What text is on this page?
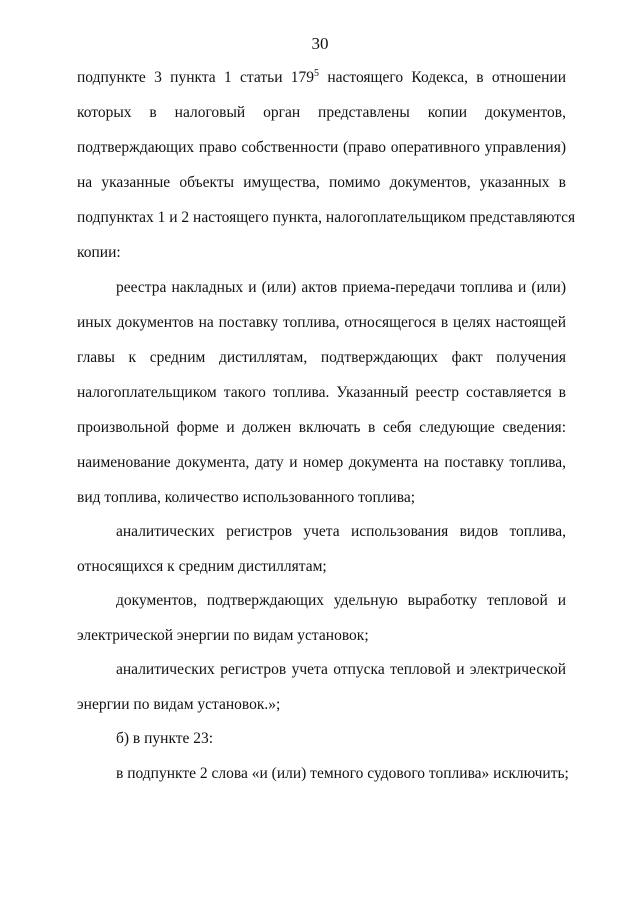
30
подпункте 3 пункта 1 статьи $179^5$ настоящего Кодекса, в отношении
которых в налоговый орган представлены копии документов,
подтверждающих право собственности (право оперативного управления)
на указанные объекты имущества, помимо документов, указанных в
подпунктах 1 и 2 настоящего пункта, налогоплательщиком представляются
копии:
реестра накладных и (или) актов приема-передачи топлива и (или)
иных документов на поставку топлива, относящегося в целях настоящей
главы к средним дистиллятам, подтверждающих факт получения
налогоплательщиком такого топлива. Указанный реестр составляется в
произвольной форме и должен включать в себя следующие сведения:
наименование документа, дату и номер документа на поставку топлива,
вид топлива, количество использованного топлива;
аналитических регистров учета использования видов топлива,
относящихся к средним дистиллятам;
документов, подтверждающих удельную выработку тепловой и
электрической энергии по видам установок;
аналитических регистров учета отпуска тепловой и электрической
энергии по видам установок.»;
б) в пункте 23:
в подпункте 2 слова «и (или) темного судового топлива» исключить;
